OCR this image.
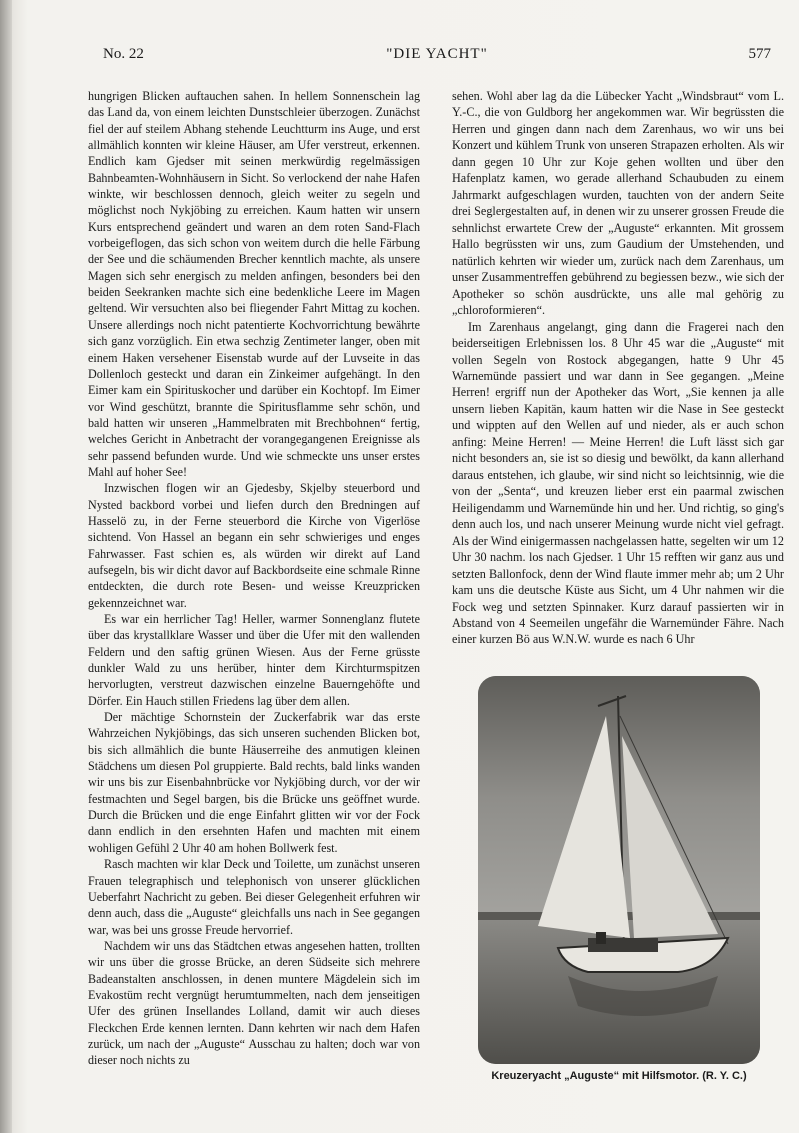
"DIE YACHT"
No. 22	577

hungrigen Blicken auftauchen sahen. In hellem Sonnenschein lag das Land da, von einem leichten Dunstschleier überzogen. Zunächst fiel der auf steilem Abhang stehende Leuchtturm ins Auge, und erst allmählich konnten wir kleine Häuser, am Ufer verstreut, erkennen. Endlich kam Gjedser mit seinen merkwürdig regelmässigen Bahnbeamten-Wohnhäusern in Sicht. So verlockend der nahe Hafen winkte, wir beschlossen dennoch, gleich weiter zu segeln und möglichst noch Nykjöbing zu erreichen. Kaum hatten wir unsern Kurs entsprechend geändert und waren an dem roten Sand-Flach vorbeigeflogen, das sich schon von weitem durch die helle Färbung der See und die schäumenden Brecher kenntlich machte, als unsere Magen sich sehr energisch zu melden anfingen, besonders bei den beiden Seekranken machte sich eine bedenkliche Leere im Magen geltend. Wir versuchten also bei fliegender Fahrt Mittag zu kochen. Unsere allerdings noch nicht patentierte Kochvorrichtung bewährte sich ganz vorzüglich. Ein etwa sechzig Zentimeter langer, oben mit einem Haken versehener Eisenstab wurde auf der Luvseite in das Dollenloch gesteckt und daran ein Zinkeimer aufgehängt. In den Eimer kam ein Spirituskocher und darüber ein Kochtopf. Im Eimer vor Wind geschützt, brannte die Spiritusflamme sehr schön, und bald hatten wir unseren „Hammelbraten mit Brechbohnen“ fertig, welches Gericht in Anbetracht der vorangegangenen Ereignisse als sehr passend befunden wurde. Und wie schmeckte uns unser erstes Mahl auf hoher See!

Inzwischen flogen wir an Gjedesby, Skjelby steuerbord und Nysted backbord vorbei und liefen durch den Bredningen auf Hasselö zu, in der Ferne steuerbord die Kirche von Vigerlöse sichtend. Von Hassel an begann ein sehr schwieriges und enges Fahrwasser. Fast schien es, als würden wir direkt auf Land aufsegeln, bis wir dicht davor auf Backbordseite eine schmale Rinne entdeckten, die durch rote Besen- und weisse Kreuzpricken gekennzeichnet war.

Es war ein herrlicher Tag! Heller, warmer Sonnenglanz flutete über das krystallklare Wasser und über die Ufer mit den wallenden Feldern und den saftig grünen Wiesen. Aus der Ferne grüsste dunkler Wald zu uns herüber, hinter dem Kirchturmspitzen hervorlugten, verstreut dazwischen einzelne Bauerngehöfte und Dörfer. Ein Hauch stillen Friedens lag über dem allen.

Der mächtige Schornstein der Zuckerfabrik war das erste Wahrzeichen Nykjöbings, das sich unseren suchenden Blicken bot, bis sich allmählich die bunte Häuserreihe des anmutigen kleinen Städchens um diesen Pol gruppierte. Bald rechts, bald links wanden wir uns bis zur Eisenbahnbrücke vor Nykjöbing durch, vor der wir festmachten und Segel bargen, bis die Brücke uns geöffnet wurde. Durch die Brücken und die enge Einfahrt glitten wir vor der Fock dann endlich in den ersehnten Hafen und machten mit einem wohligen Gefühl 2 Uhr 40 am hohen Bollwerk fest.

Rasch machten wir klar Deck und Toilette, um zunächst unseren Frauen telegraphisch und telephonisch von unserer glücklichen Ueberfahrt Nachricht zu geben. Bei dieser Gelegenheit erfuhren wir denn auch, dass die „Auguste“ gleichfalls uns nach in See gegangen war, was bei uns grosse Freude hervorrief.

Nachdem wir uns das Städtchen etwas angesehen hatten, trollten wir uns über die grosse Brücke, an deren Südseite sich mehrere Badeanstalten anschlossen, in denen muntere Mägdelein sich im Evakostüm recht vergnügt herumtummelten, nach dem jenseitigen Ufer des grünen Insellandes Lolland, damit wir auch dieses Fleckchen Erde kennen lernten. Dann kehrten wir nach dem Hafen zurück, um nach der „Auguste“ Ausschau zu halten; doch war von dieser noch nichts zu

sehen. Wohl aber lag da die Lübecker Yacht „Windsbraut“ vom L. Y.-C., die von Guldborg her angekommen war. Wir begrüssten die Herren und gingen dann nach dem Zarenhaus, wo wir uns bei Konzert und kühlem Trunk von unseren Strapazen erholten. Als wir dann gegen 10 Uhr zur Koje gehen wollten und über den Hafenplatz kamen, wo gerade allerhand Schaubuden zu einem Jahrmarkt aufgeschlagen wurden, tauchten von der andern Seite drei Seglergestalten auf, in denen wir zu unserer grossen Freude die sehnlichst erwartete Crew der „Auguste“ erkannten. Mit grossem Hallo begrüssten wir uns, zum Gaudium der Umstehenden, und natürlich kehrten wir wieder um, zurück nach dem Zarenhaus, um unser Zusammentreffen gebührend zu begiessen bezw., wie sich der Apotheker so schön ausdrückte, uns alle mal gehörig zu „chloroformieren“.

Im Zarenhaus angelangt, ging dann die Fragerei nach den beiderseitigen Erlebnissen los. 8 Uhr 45 war die „Auguste“ mit vollen Segeln von Rostock abgegangen, hatte 9 Uhr 45 Warnemünde passiert und war dann in See gegangen. „Meine Herren! ergriff nun der Apotheker das Wort, „Sie kennen ja alle unsern lieben Kapitän, kaum hatten wir die Nase in See gesteckt und wippten auf den Wellen auf und nieder, als er auch schon anfing: Meine Herren! — Meine Herren! die Luft lässt sich gar nicht besonders an, sie ist so diesig und bewölkt, da kann allerhand daraus entstehen, ich glaube, wir sind nicht so leichtsinnig, wie die von der „Senta“, und kreuzen lieber erst ein paarmal zwischen Heiligendamm und Warnemünde hin und her. Und richtig, so ging's denn auch los, und nach unserer Meinung wurde nicht viel gefragt. Als der Wind einigermassen nachgelassen hatte, segelten wir um 12 Uhr 30 nachm. los nach Gjedser. 1 Uhr 15 refften wir ganz aus und setzten Ballonfock, denn der Wind flaute immer mehr ab; um 2 Uhr kam uns die deutsche Küste aus Sicht, um 4 Uhr nahmen wir die Fock weg und setzten Spinnaker. Kurz darauf passierten wir in Abstand von 4 Seemeilen ungefähr die Warnemünder Fähre. Nach einer kurzen Bö aus W.N.W. wurde es nach 6 Uhr

Kreuzeryacht „Auguste“ mit Hilfsmotor. (R. Y. C.)
